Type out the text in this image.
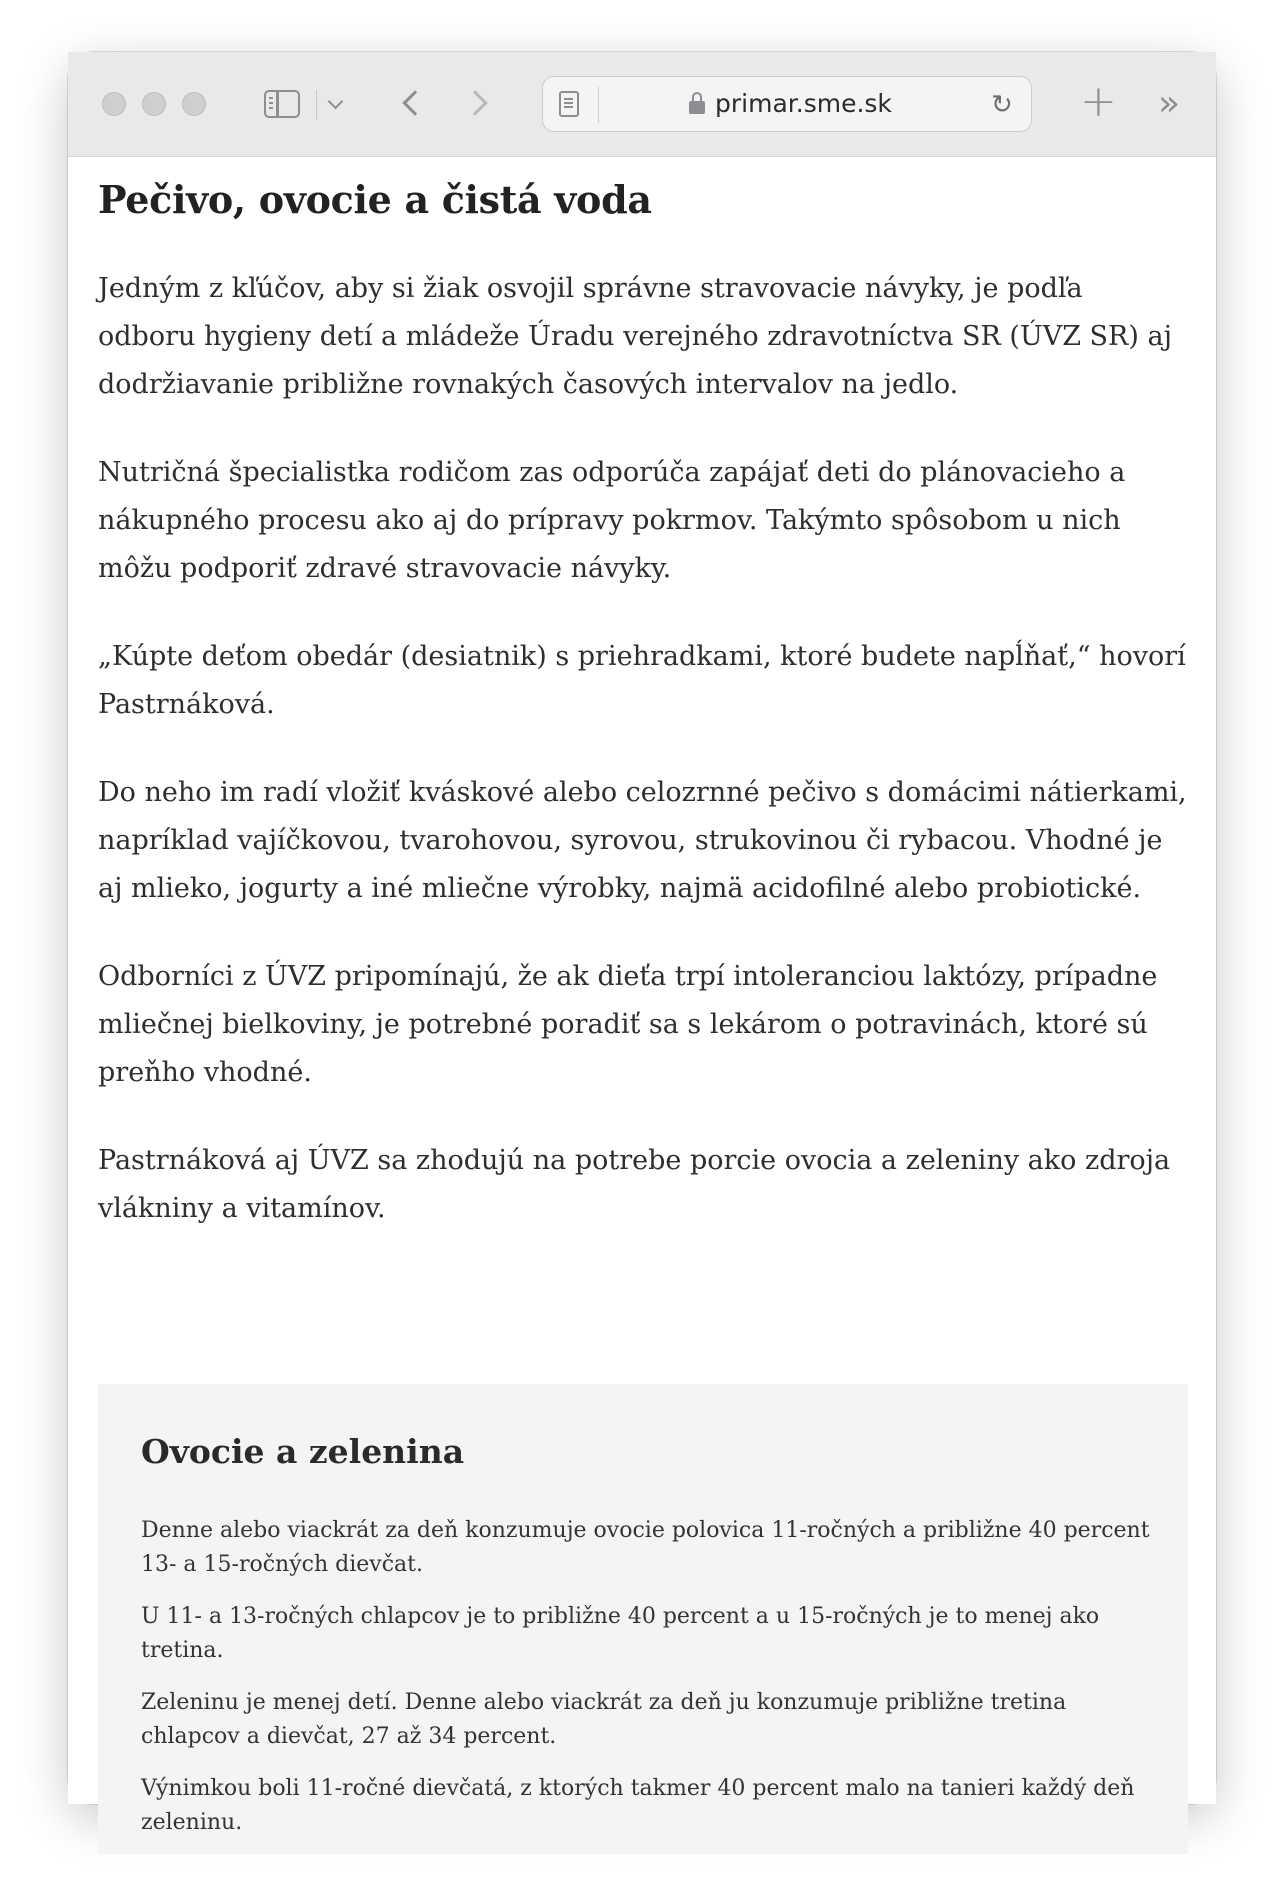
primar.sme.sk	↻ + »
Pečivo, ovocie a čistá voda

Jedným z kľúčov, aby si žiak osvojil správne stravovacie návyky, je podľa odboru hygieny detí a mládeže Úradu verejného zdravotníctva SR (ÚVZ SR) aj dodržiavanie približne rovnakých časových intervalov na jedlo.

Nutričná špecialistka rodičom zas odporúča zapájať deti do plánovacieho a nákupného procesu ako aj do prípravy pokrmov. Takýmto spôsobom u nich môžu podporiť zdravé stravovacie návyky.

„Kúpte deťom obedár (desiatnik) s priehradkami, ktoré budete napĺňať,“ hovorí Pastrnáková.

Do neho im radí vložiť kváskové alebo celozrnné pečivo s domácimi nátierkami, napríklad vajíčkovou, tvarohovou, syrovou, strukovinou či rybacou. Vhodné je aj mlieko, jogurty a iné mliečne výrobky, najmä acidofilné alebo probiotické.

Odborníci z ÚVZ pripomínajú, že ak dieťa trpí intoleranciou laktózy, prípadne mliečnej bielkoviny, je potrebné poradiť sa s lekárom o potravinách, ktoré sú preňho vhodné.

Pastrnáková aj ÚVZ sa zhodujú na potrebe porcie ovocia a zeleniny ako zdroja vlákniny a vitamínov.

Ovocie a zelenina

Denne alebo viackrát za deň konzumuje ovocie polovica 11-ročných a približne 40 percent 13- a 15-ročných dievčat.

U 11- a 13-ročných chlapcov je to približne 40 percent a u 15-ročných je to menej ako tretina.

Zeleninu je menej detí. Denne alebo viackrát za deň ju konzumuje približne tretina chlapcov a dievčat, 27 až 34 percent.

Výnimkou boli 11-ročné dievčatá, z ktorých takmer 40 percent malo na tanieri každý deň zeleninu.
